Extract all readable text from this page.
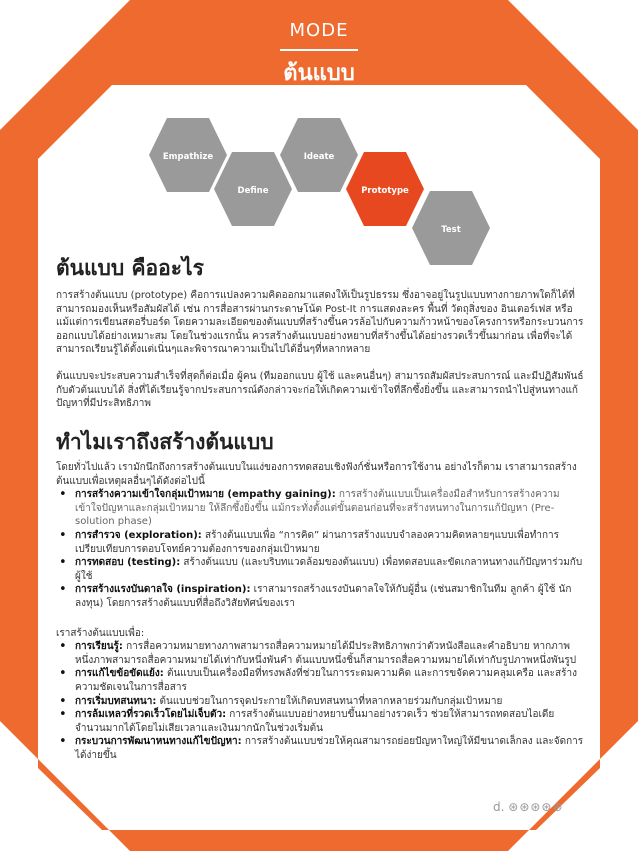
MODE
ต้นแบบ
Empathize
Define
Ideate
Prototype
Test
ต้นแบบ คืออะไร

การสร้างต้นแบบ (prototype) คือการแปลงความคิดออกมาแสดงให้เป็นรูปธรรม ซึ่งอาจอยู่ในรูปแบบทางกายภาพใดก็ได้ที่สามารถมองเห็นหรือสัมผัสได้ เช่น การสื่อสารผ่านกระดาษโน้ต Post-It การแสดงละคร พื้นที่ วัตถุสิ่งของ อินเตอร์เฟส หรือแม้แต่การเขียนสตอรี่บอร์ด โดยความละเอียดของต้นแบบที่สร้างขึ้นควรล้อไปกับความก้าวหน้าของโครงการหรือกระบวนการออกแบบได้อย่างเหมาะสม โดยในช่วงแรกนั้น ควรสร้างต้นแบบอย่างหยาบที่สร้างขึ้นได้อย่างรวดเร็วขึ้นมาก่อน เพื่อที่จะได้สามารถเรียนรู้ได้ตั้งแต่เนิ่นๆและพิจารณาความเป็นไปได้อื่นๆที่หลากหลาย

ต้นแบบจะประสบความสำเร็จที่สุดก็ต่อเมื่อ ผู้คน (ทีมออกแบบ ผู้ใช้ และคนอื่นๆ) สามารถสัมผัสประสบการณ์ และมีปฏิสัมพันธ์กับตัวต้นแบบได้ สิ่งที่ได้เรียนรู้จากประสบการณ์ดังกล่าวจะก่อให้เกิดความเข้าใจที่ลึกซึ้งยิ่งขึ้น และสามารถนำไปสู่หนทางแก้ปัญหาที่มีประสิทธิภาพ

ทำไมเราถึงสร้างต้นแบบ

โดยทั่วไปแล้ว เรามักนึกถึงการสร้างต้นแบบในแง่ของการทดสอบเชิงฟังก์ชั่นหรือการใช้งาน อย่างไรก็ตาม เราสามารถสร้างต้นแบบเพื่อเหตุผลอื่นๆได้ดังต่อไปนี้

• การสร้างความเข้าใจกลุ่มเป้าหมาย (empathy gaining): การสร้างต้นแบบเป็นเครื่องมือสำหรับการสร้างความเข้าใจปัญหาและกลุ่มเป้าหมาย ให้ลึกซึ้งยิ่งขึ้น แม้กระทั่งตั้งแต่ขั้นตอนก่อนที่จะสร้างหนทางในการแก้ปัญหา (Pre-solution phase)
• การสำรวจ (exploration): สร้างต้นแบบเพื่อ “การคิด” ผ่านการสร้างแบบจำลองความคิดหลายๆแบบเพื่อทำการเปรียบเทียบการตอบโจทย์ความต้องการของกลุ่มเป้าหมาย
• การทดสอบ (testing): สร้างต้นแบบ (และบริบทแวดล้อมของต้นแบบ) เพื่อทดสอบและขัดเกลาหนทางแก้ปัญหาร่วมกับผู้ใช้
• การสร้างแรงบันดาลใจ (inspiration): เราสามารถสร้างแรงบันดาลใจให้กับผู้อื่น (เช่นสมาชิกในทีม ลูกค้า ผู้ใช้ นักลงทุน) โดยการสร้างต้นแบบที่สื่อถึงวิสัยทัศน์ของเรา

เราสร้างต้นแบบเพื่อ:

• การเรียนรู้: การสื่อความหมายทางภาพสามารถสื่อความหมายได้มีประสิทธิภาพกว่าตัวหนังสือและคำอธิบาย หากภาพหนึ่งภาพสามารถสื่อความหมายได้เท่ากับหนึ่งพันคำ ต้นแบบหนึ่งชิ้นก็สามารถสื่อความหมายได้เท่ากับรูปภาพหนึ่งพันรูป
• การแก้ไขข้อขัดแย้ง: ต้นแบบเป็นเครื่องมือที่ทรงพลังที่ช่วยในการระดมความคิด และการขจัดความคลุมเครือ และสร้างความชัดเจนในการสื่อสาร
• การเริ่มบทสนทนา: ต้นแบบช่วยในการจุดประกายให้เกิดบทสนทนาที่หลากหลายร่วมกับกลุ่มเป้าหมาย
• การล้มเหลวที่รวดเร็วโดยไม่เจ็บตัว: การสร้างต้นแบบอย่างหยาบขึ้นมาอย่างรวดเร็ว ช่วยให้สามารถทดสอบไอเดียจำนวนมากได้โดยไม่เสียเวลาและเงินมากนักในช่วงเริ่มต้น
• กระบวนการพัฒนาหนทางแก้ไขปัญหา: การสร้างต้นแบบช่วยให้คุณสามารถย่อยปัญหาใหญ่ให้มีขนาดเล็กลง และจัดการได้ง่ายขึ้น
d. ⊛⊛⊛⊛⊛
